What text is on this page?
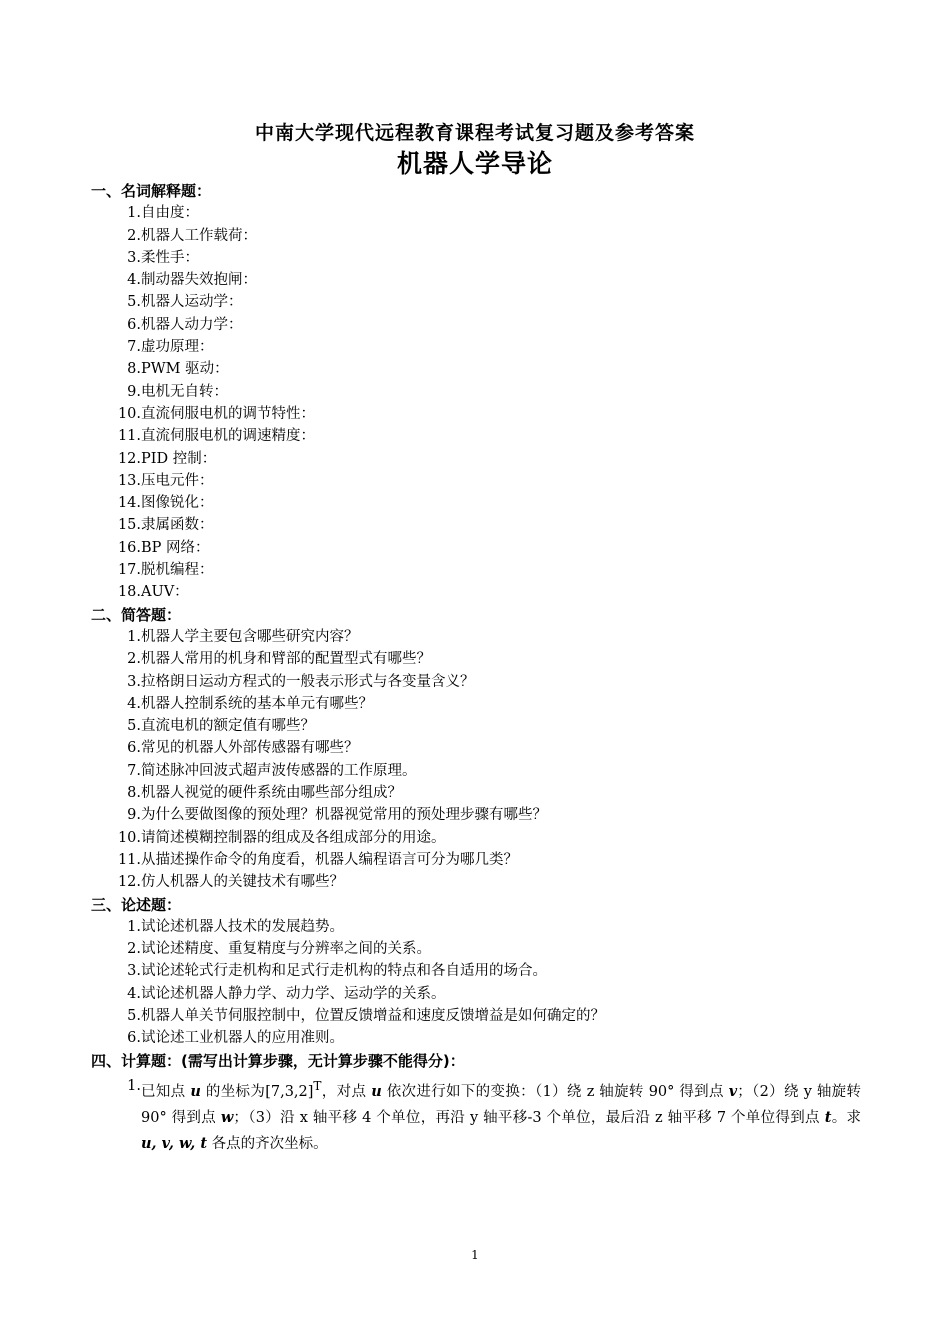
中南大学现代远程教育课程考试复习题及参考答案
机器人学导论
一、名词解释题：
1. 自由度：
2. 机器人工作载荷：
3. 柔性手：
4. 制动器失效抱闸：
5. 机器人运动学：
6. 机器人动力学：
7. 虚功原理：
8. PWM 驱动：
9. 电机无自转：
10. 直流伺服电机的调节特性：
11. 直流伺服电机的调速精度：
12. PID 控制：
13. 压电元件：
14. 图像锐化：
15. 隶属函数：
16. BP 网络：
17. 脱机编程：
18. AUV：
二、简答题：
1. 机器人学主要包含哪些研究内容？
2. 机器人常用的机身和臂部的配置型式有哪些？
3. 拉格朗日运动方程式的一般表示形式与各变量含义？
4. 机器人控制系统的基本单元有哪些？
5. 直流电机的额定值有哪些？
6. 常见的机器人外部传感器有哪些？
7. 简述脉冲回波式超声波传感器的工作原理。
8. 机器人视觉的硬件系统由哪些部分组成？
9. 为什么要做图像的预处理？机器视觉常用的预处理步骤有哪些？
10. 请简述模糊控制器的组成及各组成部分的用途。
11. 从描述操作命令的角度看，机器人编程语言可分为哪几类？
12. 仿人机器人的关键技术有哪些？
三、论述题：
1. 试论述机器人技术的发展趋势。
2. 试论述精度、重复精度与分辨率之间的关系。
3. 试论述轮式行走机构和足式行走机构的特点和各自适用的场合。
4. 试论述机器人静力学、动力学、运动学的关系。
5. 机器人单关节伺服控制中，位置反馈增益和速度反馈增益是如何确定的？
6. 试论述工业机器人的应用准则。
四、计算题：(需写出计算步骤，无计算步骤不能得分)：
1. 已知点 u 的坐标为$[7,3,2]^T$，对点 u 依次进行如下的变换：（1）绕 z 轴旋转 90° 得到点 v；（2）绕 y 轴旋转 90° 得到点 w；（3）沿 x 轴平移 4 个单位，再沿 y 轴平移-3 个单位，最后沿 z 轴平移 7 个单位得到点 t。求 u, v, w, t 各点的齐次坐标。
1
